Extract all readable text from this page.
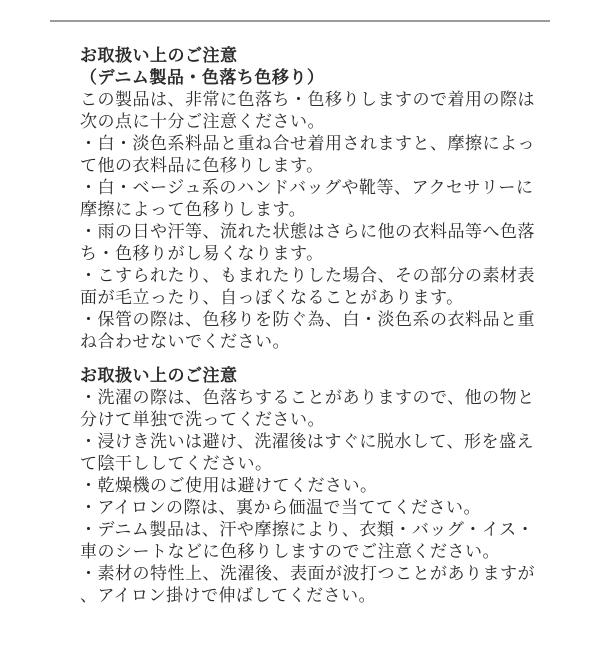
お取扱い上のご注意
（デニム製品・色落ち色移り）
この製品は、非常に色落ち・色移りしますので着用の際は
次の点に十分ご注意ください。
・白・淡色系料品と重ね合せ着用されますと、摩擦によっ
て他の衣料品に色移りします。
・白・ベージュ系のハンドバッグや靴等、アクセサリーに
摩擦によって色移りします。
・雨の日や汗等、流れた状態はさらに他の衣料品等へ色落
ち・色移りがし易くなります。
・こすられたり、もまれたりした場合、その部分の素材表
面が毛立ったり、自っぽくなることがあります。
・保管の際は、色移りを防ぐ為、白・淡色系の衣料品と重
ね合わせないでください。
お取扱い上のご注意
・洗濯の際は、色落ちすることがありますので、他の物と
分けて単独で洗ってください。
・浸けき洗いは避け、洗濯後はすぐに脱水して、形を盛え
て陰干ししてください。
・乾燥機のご使用は避けてください。
・アイロンの際は、裏から価温で当ててください。
・デニム製品は、汗や摩擦により、衣類・バッグ・イス・
車のシートなどに色移りしますのでご注意ください。
・素材の特性上、洗濯後、表面が波打つことがありますが
、アイロン掛けで伸ばしてください。
